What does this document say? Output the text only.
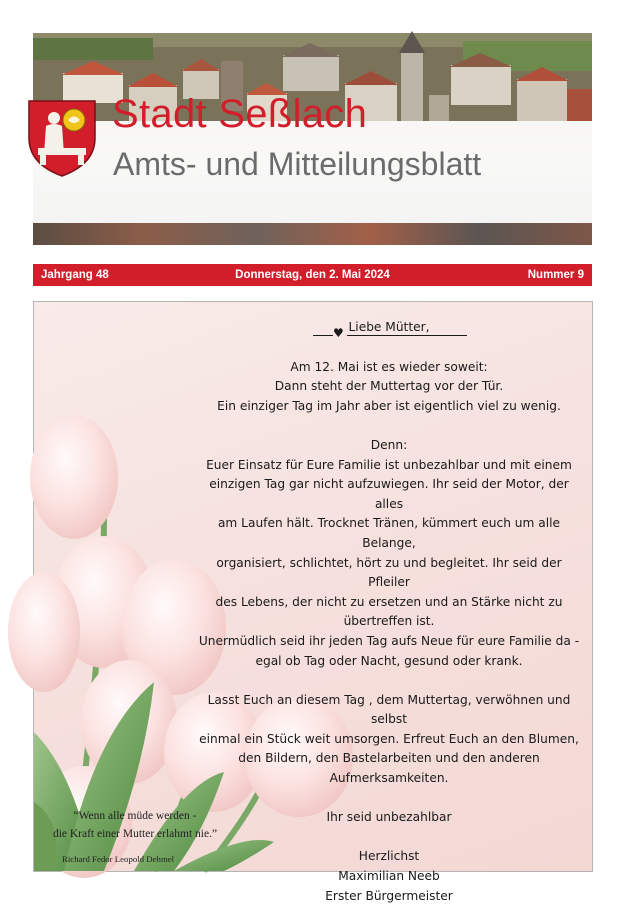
Stadt Seßlach
Amts- und Mitteilungsblatt
Donnerstag, den 2. Mai 2024
Jahrgang 48	Nummer 9
♥ Liebe Mütter,

Am 12. Mai ist es wieder soweit:

Dann steht der Muttertag vor der Tür.

Ein einziger Tag im Jahr aber ist eigentlich viel zu wenig.

Denn:

Euer Einsatz für Eure Familie ist unbezahlbar und mit einem

einzigen Tag gar nicht aufzuwiegen. Ihr seid der Motor, der alles

am Laufen hält. Trocknet Tränen, kümmert euch um alle Belange,

organisiert, schlichtet, hört zu und begleitet. Ihr seid der Pfleiler

des Lebens, der nicht zu ersetzen und an Stärke nicht zu

übertreffen ist.

Unermüdlich seid ihr jeden Tag aufs Neue für eure Familie da -

egal ob Tag oder Nacht, gesund oder krank.

Lasst Euch an diesem Tag , dem Muttertag, verwöhnen und selbst

einmal ein Stück weit umsorgen. Erfreut Euch an den Blumen,

den Bildern, den Bastelarbeiten und den anderen

Aufmerksamkeiten.

Ihr seid unbezahlbar

Herzlichst

Maximilian Neeb

Erster Bürgermeister

“Wenn alle müde werden -
die Kraft einer Mutter erlahmt nie.”
Richard Fedor Leopold Dehmel
